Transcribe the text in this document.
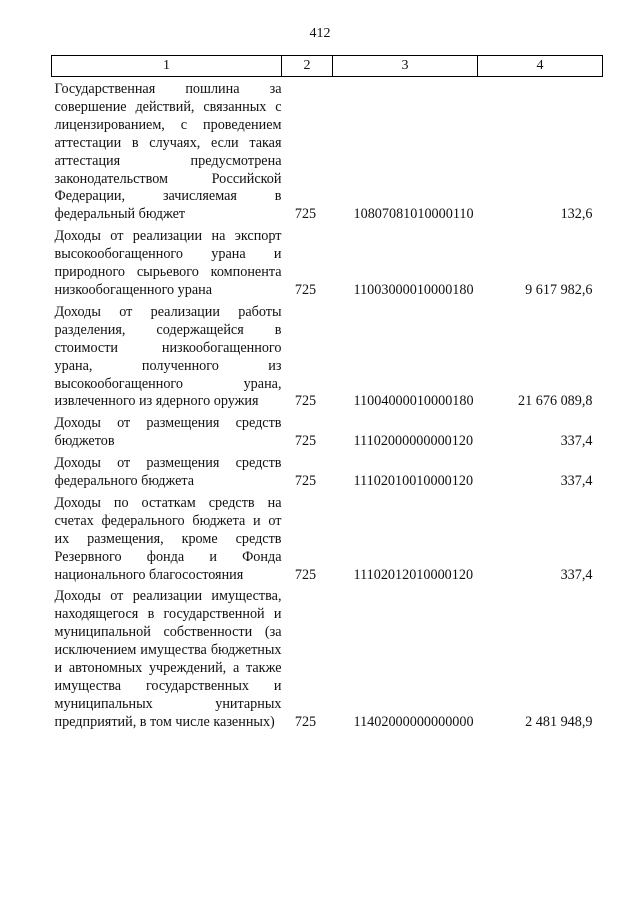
412
1	2	3	4
Государственная пошлина за совершение действий, связанных с лицензированием, с проведением аттестации в случаях, если такая аттестация предусмотрена законодательством Российской Федерации, зачисляемая в федеральный бюджет	725	10807081010000110	132,6
Доходы от реализации на экспорт высокообогащенного урана и природного сырьевого компонента низкообогащенного урана	725	11003000010000180	9 617 982,6
Доходы от реализации работы разделения, содержащейся в стоимости низкообогащенного урана, полученного из высокообогащенного урана, извлеченного из ядерного оружия	725	11004000010000180	21 676 089,8
Доходы от размещения средств бюджетов	725	11102000000000120	337,4
Доходы от размещения средств федерального бюджета	725	11102010010000120	337,4
Доходы по остаткам средств на счетах федерального бюджета и от их размещения, кроме средств Резервного фонда и Фонда национального благосостояния	725	11102012010000120	337,4
Доходы от реализации имущества, находящегося в государственной и муниципальной собственности (за исключением имущества бюджетных и автономных учреждений, а также имущества государственных и муниципальных унитарных предприятий, в том числе казенных)	725	11402000000000000	2 481 948,9
